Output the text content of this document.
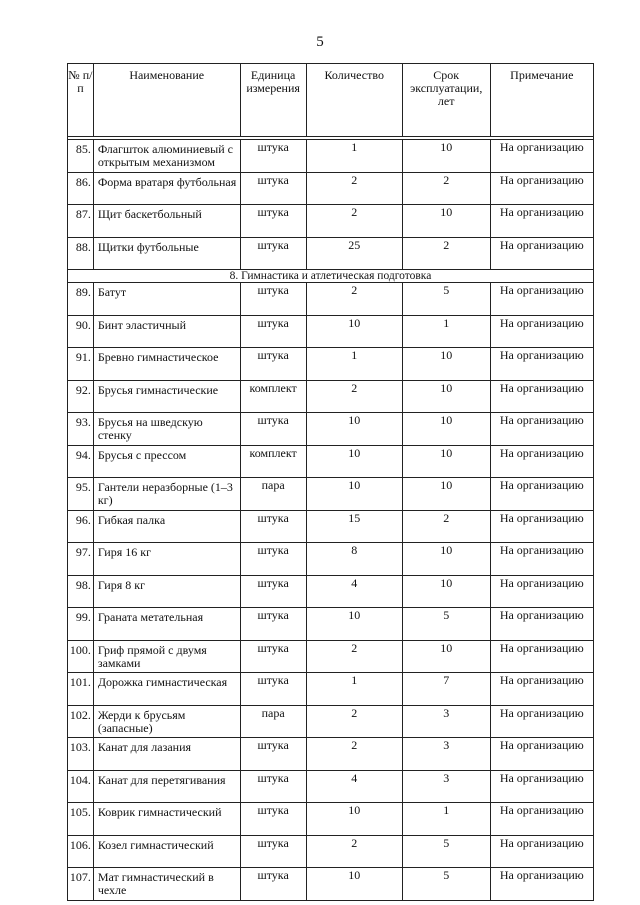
5
№ п/п	Наименование	Единица измерения	Количество	Срок эксплуатации, лет	Примечание

85.	Флагшток алюминиевый с открытым механизмом	штука	1	10	На организацию
86.	Форма вратаря футбольная	штука	2	2	На организацию
87.	Щит баскетбольный	штука	2	10	На организацию
88.	Щитки футбольные	штука	25	2	На организацию
8. Гимнастика и атлетическая подготовка					
89.	Батут	штука	2	5	На организацию
90.	Бинт эластичный	штука	10	1	На организацию
91.	Бревно гимнастическое	штука	1	10	На организацию
92.	Брусья гимнастические	комплект	2	10	На организацию
93.	Брусья на шведскую стенку	штука	10	10	На организацию
94.	Брусья с прессом	комплект	10	10	На организацию
95.	Гантели неразборные (1–3 кг)	пара	10	10	На организацию
96.	Гибкая палка	штука	15	2	На организацию
97.	Гиря 16 кг	штука	8	10	На организацию
98.	Гиря 8 кг	штука	4	10	На организацию
99.	Граната метательная	штука	10	5	На организацию
100.	Гриф прямой с двумя замками	штука	2	10	На организацию
101.	Дорожка гимнастическая	штука	1	7	На организацию
102.	Жерди к брусьям (запасные)	пара	2	3	На организацию
103.	Канат для лазания	штука	2	3	На организацию
104.	Канат для перетягивания	штука	4	3	На организацию
105.	Коврик гимнастический	штука	10	1	На организацию
106.	Козел гимнастический	штука	2	5	На организацию
107.	Мат гимнастический в чехле	штука	10	5	На организацию
